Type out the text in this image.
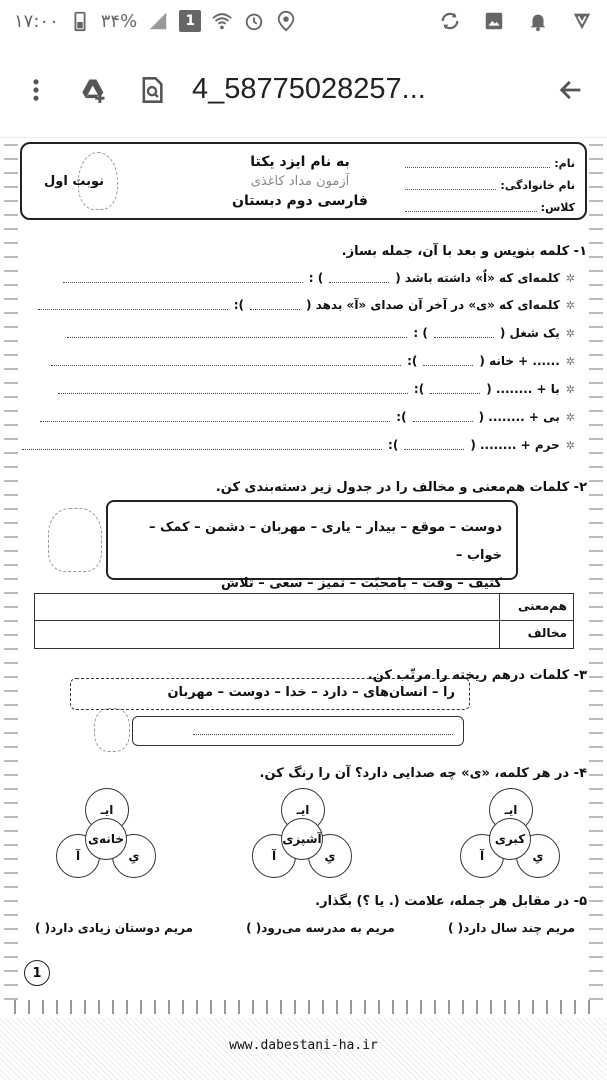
۱۷:۰۰ ۳۴%	1
4_58775028257...
نام:
نام خانوادگی:
کلاس:
به نام ایزد یکتا
آزمون مداد کاغذی
فارسی دوم دبستان
نوبت اول
۱- کلمه بنویس و بعد با آن، جمله بساز.
✲
کلمه‌ای که «اٌ» داشته باشد (
) :
✲
کلمه‌ای که «ی» در آخر آن صدای «آ» بدهد (
):
✲
یک شغل (
) :
✲
...... + خانه (
):
✲
با + ........ (
):
✲
بی + ........ (
):
✲
حرم + ........ (
):
۲- کلمات هم‌معنی و مخالف را در جدول زیر دسته‌بندی کن.
دوست – موقع – بیدار – یاری – مهربان – دشمن – کمک – خواب –
کثیف – وقت – بامحبّت – تمیز – سعی – تلاش
هم‌معنی
مخالف
۳- کلمات درهم ریخته را مرتّب کن.
را – انسان‌های – دارد – خدا – دوست – مهربان
۴- در هر کلمه، «ی» چه صدایی دارد؟ آن را رنگ کن.
ایـ
آ	یِ
کبری
ایـ
آ	یِ
آشپزی
ایـ
آ	یِ
خانه‌ی
۵- در مقابل هر جمله، علامت (. یا ؟) بگذار.
مریم چند سال دارد( )
مریم به مدرسه می‌رود( )
مریم دوستان زیادی دارد( )
1
www.dabestani-ha.ir
